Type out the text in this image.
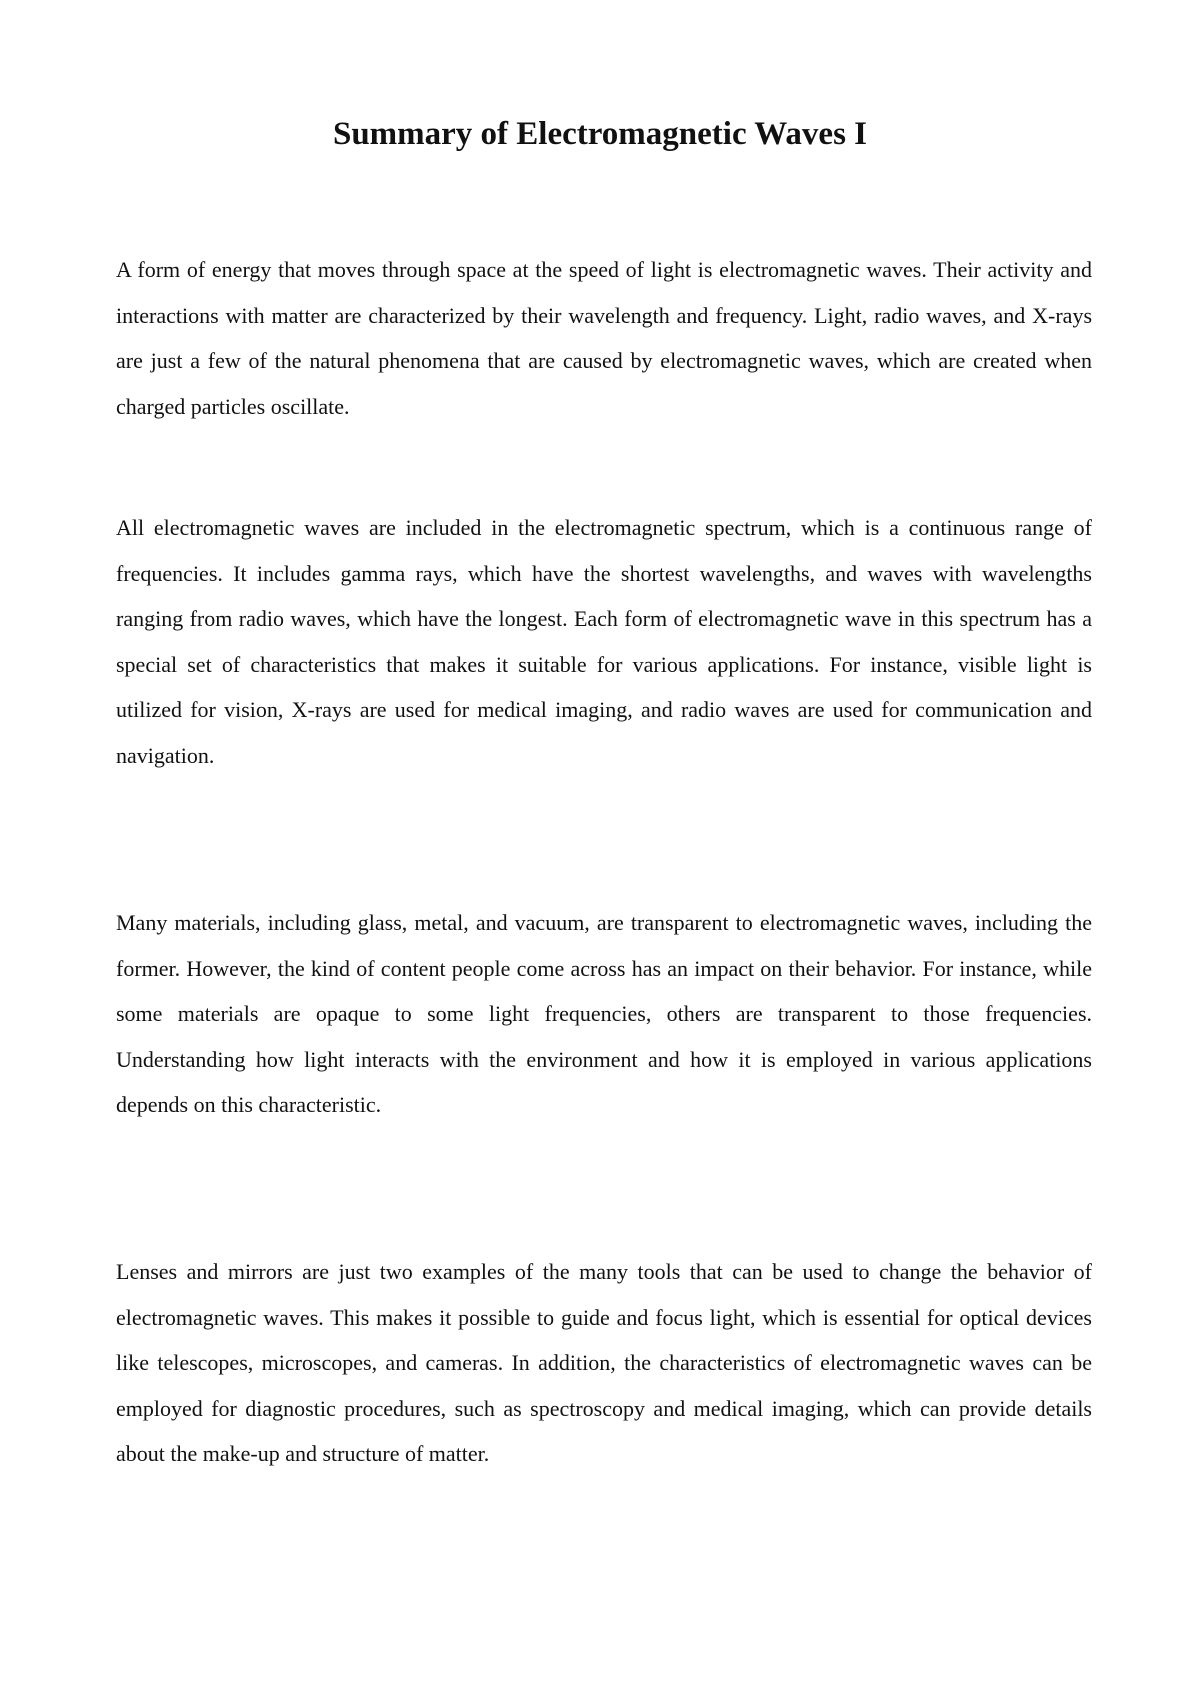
Summary of Electromagnetic Waves I

A form of energy that moves through space at the speed of light is electromagnetic waves. Their activity and interactions with matter are characterized by their wavelength and frequency. Light, radio waves, and X-rays are just a few of the natural phenomena that are caused by electromagnetic waves, which are created when charged particles oscillate.

All electromagnetic waves are included in the electromagnetic spectrum, which is a continuous range of frequencies. It includes gamma rays, which have the shortest wavelengths, and waves with wavelengths ranging from radio waves, which have the longest. Each form of electromagnetic wave in this spectrum has a special set of characteristics that makes it suitable for various applications. For instance, visible light is utilized for vision, X-rays are used for medical imaging, and radio waves are used for communication and navigation.

Many materials, including glass, metal, and vacuum, are transparent to electromagnetic waves, including the former. However, the kind of content people come across has an impact on their behavior. For instance, while some materials are opaque to some light frequencies, others are transparent to those frequencies. Understanding how light interacts with the environment and how it is employed in various applications depends on this characteristic.

Lenses and mirrors are just two examples of the many tools that can be used to change the behavior of electromagnetic waves. This makes it possible to guide and focus light, which is essential for optical devices like telescopes, microscopes, and cameras. In addition, the characteristics of electromagnetic waves can be employed for diagnostic procedures, such as spectroscopy and medical imaging, which can provide details about the make-up and structure of matter.
